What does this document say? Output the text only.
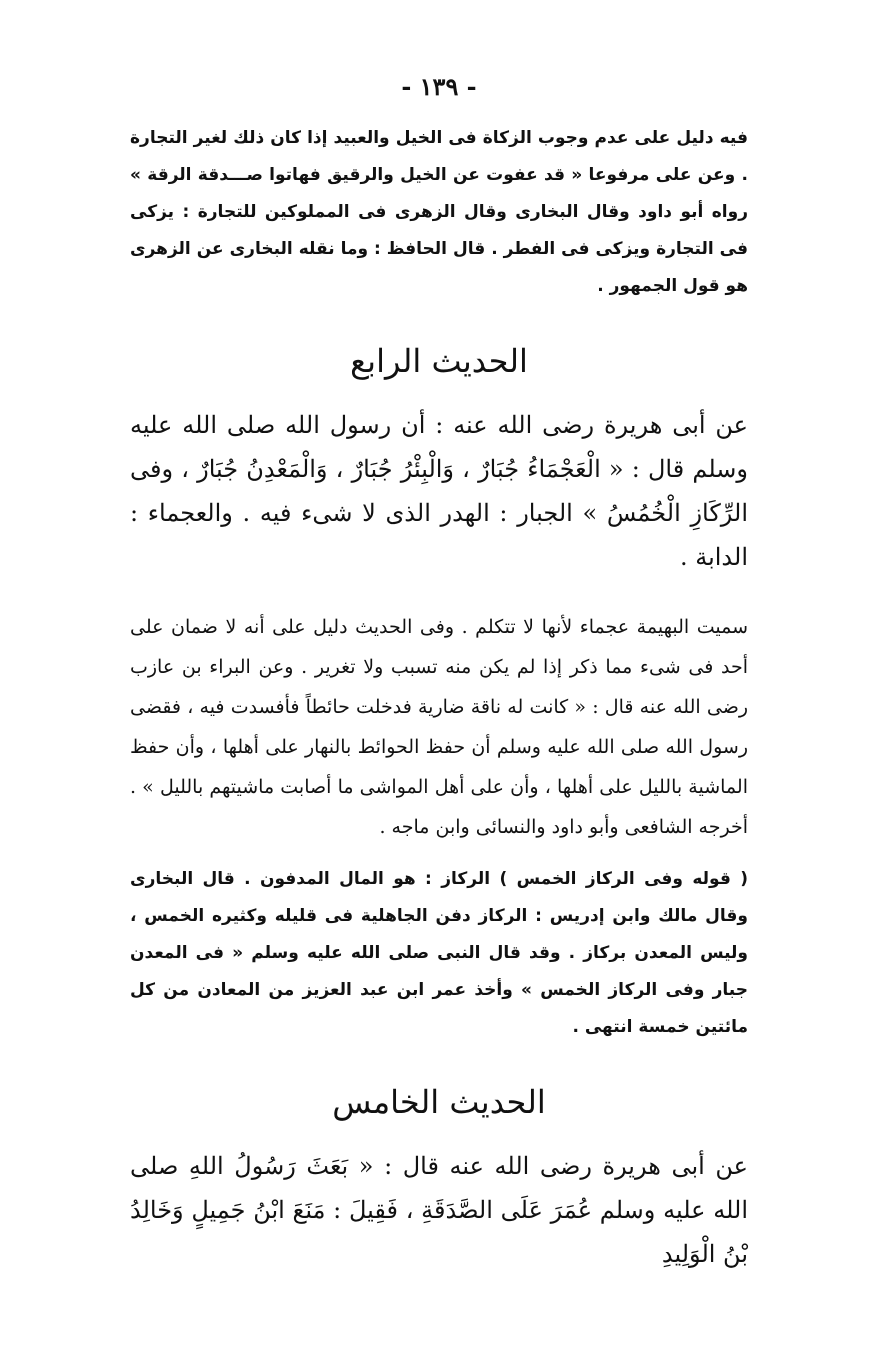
- ١٣٩ -

فيه دليل على عدم وجوب الزكاة فى الخيل والعبيد إذا كان ذلك لغير التجارة . وعن على مرفوعا « قد عفوت عن الخيل والرقيق فهاتوا صـــدقة الرقة » رواه أبو داود وقال البخارى وقال الزهرى فى المملوكين للتجارة : يزكى فى التجارة ويزكى فى الفطر . قال الحافظ : وما نقله البخارى عن الزهرى هو قول الجمهور .

الحديث الرابع

عن أبى هريرة رضى الله عنه : أن رسول الله صلى الله عليه وسلم قال : « الْعَجْمَاءُ جُبَارٌ ، وَالْبِئْرُ جُبَارٌ ، وَالْمَعْدِنُ جُبَارٌ ، وفى الرِّكَازِ الْخُمُسُ » الجبار : الهدر الذى لا شىء فيه . والعجماء : الدابة .

سميت البهيمة عجماء لأنها لا تتكلم . وفى الحديث دليل على أنه لا ضمان على أحد فى شىء مما ذكر إذا لم يكن منه تسبب ولا تغرير . وعن البراء بن عازب رضى الله عنه قال : « كانت له ناقة ضارية فدخلت حائطاً فأفسدت فيه ، فقضى رسول الله صلى الله عليه وسلم أن حفظ الحوائط بالنهار على أهلها ، وأن حفظ الماشية بالليل على أهلها ، وأن على أهل المواشى ما أصابت ماشيتهم بالليل » . أخرجه الشافعى وأبو داود والنسائى وابن ماجه .

( قوله وفى الركاز الخمس ) الركاز : هو المال المدفون . قال البخارى وقال مالك وابن إدريس : الركاز دفن الجاهلية فى قليله وكثيره الخمس ، وليس المعدن بركاز . وقد قال النبى صلى الله عليه وسلم « فى المعدن جبار وفى الركاز الخمس » وأخذ عمر ابن عبد العزيز من المعادن من كل مائتين خمسة انتهى .

الحديث الخامس

عن أبى هريرة رضى الله عنه قال : « بَعَثَ رَسُولُ اللهِ صلى الله عليه وسلم عُمَرَ عَلَى الصَّدَقَةِ ، فَقِيلَ : مَنَعَ ابْنُ جَمِيلٍ وَخَالِدُ بْنُ الْوَلِيدِ
